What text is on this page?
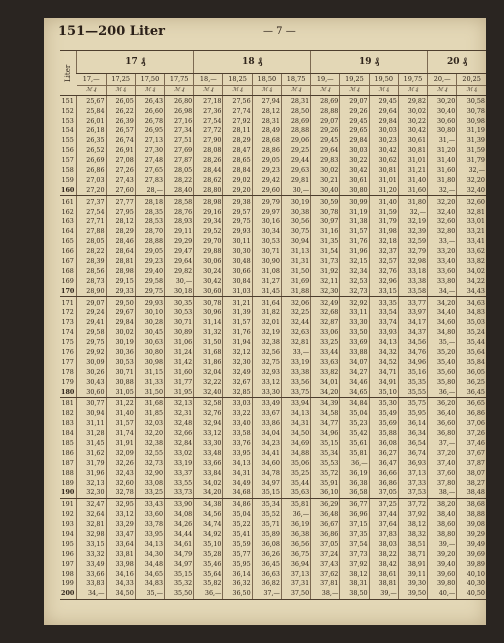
151—200 Liter	— 7 —
Liter	17 ₰				18 ₰				19 ₰				20 ₰	
	17,—	17,25	17,50	17,75	18,—	18,25	18,50	18,75	19,—	19,25	19,50	19,75	20,—	20,25
	ℳ ₰	ℳ ₰	ℳ ₰	ℳ ₰	ℳ ₰	ℳ ₰	ℳ ₰	ℳ ₰	ℳ ₰	ℳ ₰	ℳ ₰	ℳ ₰	ℳ ₰	ℳ ₰
151	25,67	26,05	26,43	26,80	27,18	27,56	27,94	28,31	28,69	29,07	29,45	29,82	30,20	30,58
152	25,84	26,22	26,60	26,98	27,36	27,74	28,12	28,50	28,88	29,26	29,64	30,02	30,40	30,78
153	26,01	26,39	26,78	27,16	27,54	27,92	28,31	28,69	29,07	29,45	29,84	30,22	30,60	30,98
154	26,18	26,57	26,95	27,34	27,72	28,11	28,49	28,88	29,26	29,65	30,03	30,42	30,80	31,19
155	26,35	26,74	27,13	27,51	27,90	28,29	28,68	29,06	29,45	29,84	30,23	30,61	31,—	31,39
156	26,52	26,91	27,30	27,69	28,08	28,47	28,86	29,25	29,64	30,03	30,42	30,81	31,20	31,59
157	26,69	27,08	27,48	27,87	28,26	28,65	29,05	29,44	29,83	30,22	30,62	31,01	31,40	31,79
158	26,86	27,26	27,65	28,05	28,44	28,84	29,23	29,63	30,02	30,42	30,81	31,21	31,60	32,—
159	27,03	27,43	27,83	28,22	28,62	29,02	29,42	29,81	30,21	30,61	31,01	31,40	31,80	32,20
160	27,20	27,60	28,—	28,40	28,80	29,20	29,60	30,—	30,40	30,80	31,20	31,60	32,—	32,40
161	27,37	27,77	28,18	28,58	28,98	29,38	29,79	30,19	30,59	30,99	31,40	31,80	32,20	32,60
162	27,54	27,95	28,35	28,76	29,16	29,57	29,97	30,38	30,78	31,19	31,59	32,—	32,40	32,81
163	27,71	28,12	28,53	28,93	29,34	29,75	30,16	30,56	30,97	31,38	31,79	32,19	32,60	33,01
164	27,88	28,29	28,70	29,11	29,52	29,93	30,34	30,75	31,16	31,57	31,98	32,39	32,80	33,21
165	28,05	28,46	28,88	29,29	29,70	30,11	30,53	30,94	31,35	31,76	32,18	32,59	33,—	33,41
166	28,22	28,64	29,05	29,47	29,88	30,30	30,71	31,13	31,54	31,96	32,37	32,79	33,20	33,62
167	28,39	28,81	29,23	29,64	30,06	30,48	30,90	31,31	31,73	32,15	32,57	32,98	33,40	33,82
168	28,56	28,98	29,40	29,82	30,24	30,66	31,08	31,50	31,92	32,34	32,76	33,18	33,60	34,02
169	28,73	29,15	29,58	30,—	30,42	30,84	31,27	31,69	32,11	32,53	32,96	33,38	33,80	34,22
170	28,90	29,33	29,75	30,18	30,60	31,03	31,45	31,88	32,30	32,73	33,15	33,58	34,—	34,43
171	29,07	29,50	29,93	30,35	30,78	31,21	31,64	32,06	32,49	32,92	33,35	33,77	34,20	34,63
172	29,24	29,67	30,10	30,53	30,96	31,39	31,82	32,25	32,68	33,11	33,54	33,97	34,40	34,83
173	29,41	29,84	30,28	30,71	31,14	31,57	32,01	32,44	32,87	33,30	33,74	34,17	34,60	35,03
174	29,58	30,02	30,45	30,89	31,32	31,76	32,19	32,63	33,06	33,50	33,93	34,37	34,80	35,24
175	29,75	30,19	30,63	31,06	31,50	31,94	32,38	32,81	33,25	33,69	34,13	34,56	35,—	35,44
176	29,92	30,36	30,80	31,24	31,68	32,12	32,56	33,—	33,44	33,88	34,32	34,76	35,20	35,64
177	30,09	30,53	30,98	31,42	31,86	32,30	32,75	33,19	33,63	34,07	34,52	34,96	35,40	35,84
178	30,26	30,71	31,15	31,60	32,04	32,49	32,93	33,38	33,82	34,27	34,71	35,16	35,60	36,05
179	30,43	30,88	31,33	31,77	32,22	32,67	33,12	33,56	34,01	34,46	34,91	35,35	35,80	36,25
180	30,60	31,05	31,50	31,95	32,40	32,85	33,30	33,75	34,20	34,65	35,10	35,55	36,—	36,45
181	30,77	31,22	31,68	32,13	32,58	33,03	33,49	33,94	34,39	34,84	35,30	35,75	36,20	36,65
182	30,94	31,40	31,85	32,31	32,76	33,22	33,67	34,13	34,58	35,04	35,49	35,95	36,40	36,86
183	31,11	31,57	32,03	32,48	32,94	33,40	33,86	34,31	34,77	35,23	35,69	36,14	36,60	37,06
184	31,28	31,74	32,20	32,66	33,12	33,58	34,04	34,50	34,96	35,42	35,88	36,34	36,80	37,26
185	31,45	31,91	32,38	32,84	33,30	33,76	34,23	34,69	35,15	35,61	36,08	36,54	37,—	37,46
186	31,62	32,09	32,55	33,02	33,48	33,95	34,41	34,88	35,34	35,81	36,27	36,74	37,20	37,67
187	31,79	32,26	32,73	33,19	33,66	34,13	34,60	35,06	35,53	36,—	36,47	36,93	37,40	37,87
188	31,96	32,43	32,90	33,37	33,84	34,31	34,78	35,25	35,72	36,19	36,66	37,13	37,60	38,07
189	32,13	32,60	33,08	33,55	34,02	34,49	34,97	35,44	35,91	36,38	36,86	37,33	37,80	38,27
190	32,30	32,78	33,25	33,73	34,20	34,68	35,15	35,63	36,10	36,58	37,05	37,53	38,—	38,48
191	32,47	32,95	33,43	33,90	34,38	34,86	35,34	35,81	36,29	36,77	37,25	37,72	38,20	38,68
192	32,64	33,12	33,60	34,08	34,56	35,04	35,52	36,—	36,48	36,96	37,44	37,92	38,40	38,88
193	32,81	33,29	33,78	34,26	34,74	35,22	35,71	36,19	36,67	37,15	37,64	38,12	38,60	39,08
194	32,98	33,47	33,95	34,44	34,92	35,41	35,89	36,38	36,86	37,35	37,83	38,32	38,80	39,29
195	33,15	33,64	34,13	34,61	35,10	35,59	36,08	36,56	37,05	37,54	38,03	38,51	39,—	39,49
196	33,32	33,81	34,30	34,79	35,28	35,77	36,26	36,75	37,24	37,73	38,22	38,71	39,20	39,69
197	33,49	33,98	34,48	34,97	35,46	35,95	36,45	36,94	37,43	37,92	38,42	38,91	39,40	39,89
198	33,66	34,16	34,65	35,15	35,64	36,14	36,63	37,13	37,62	38,12	38,61	39,11	39,60	40,10
199	33,83	34,33	34,83	35,32	35,82	36,32	36,82	37,31	37,81	38,31	38,81	39,30	39,80	40,30
200	34,—	34,50	35,—	35,50	36,—	36,50	37,—	37,50	38,—	38,50	39,—	39,50	40,—	40,50
